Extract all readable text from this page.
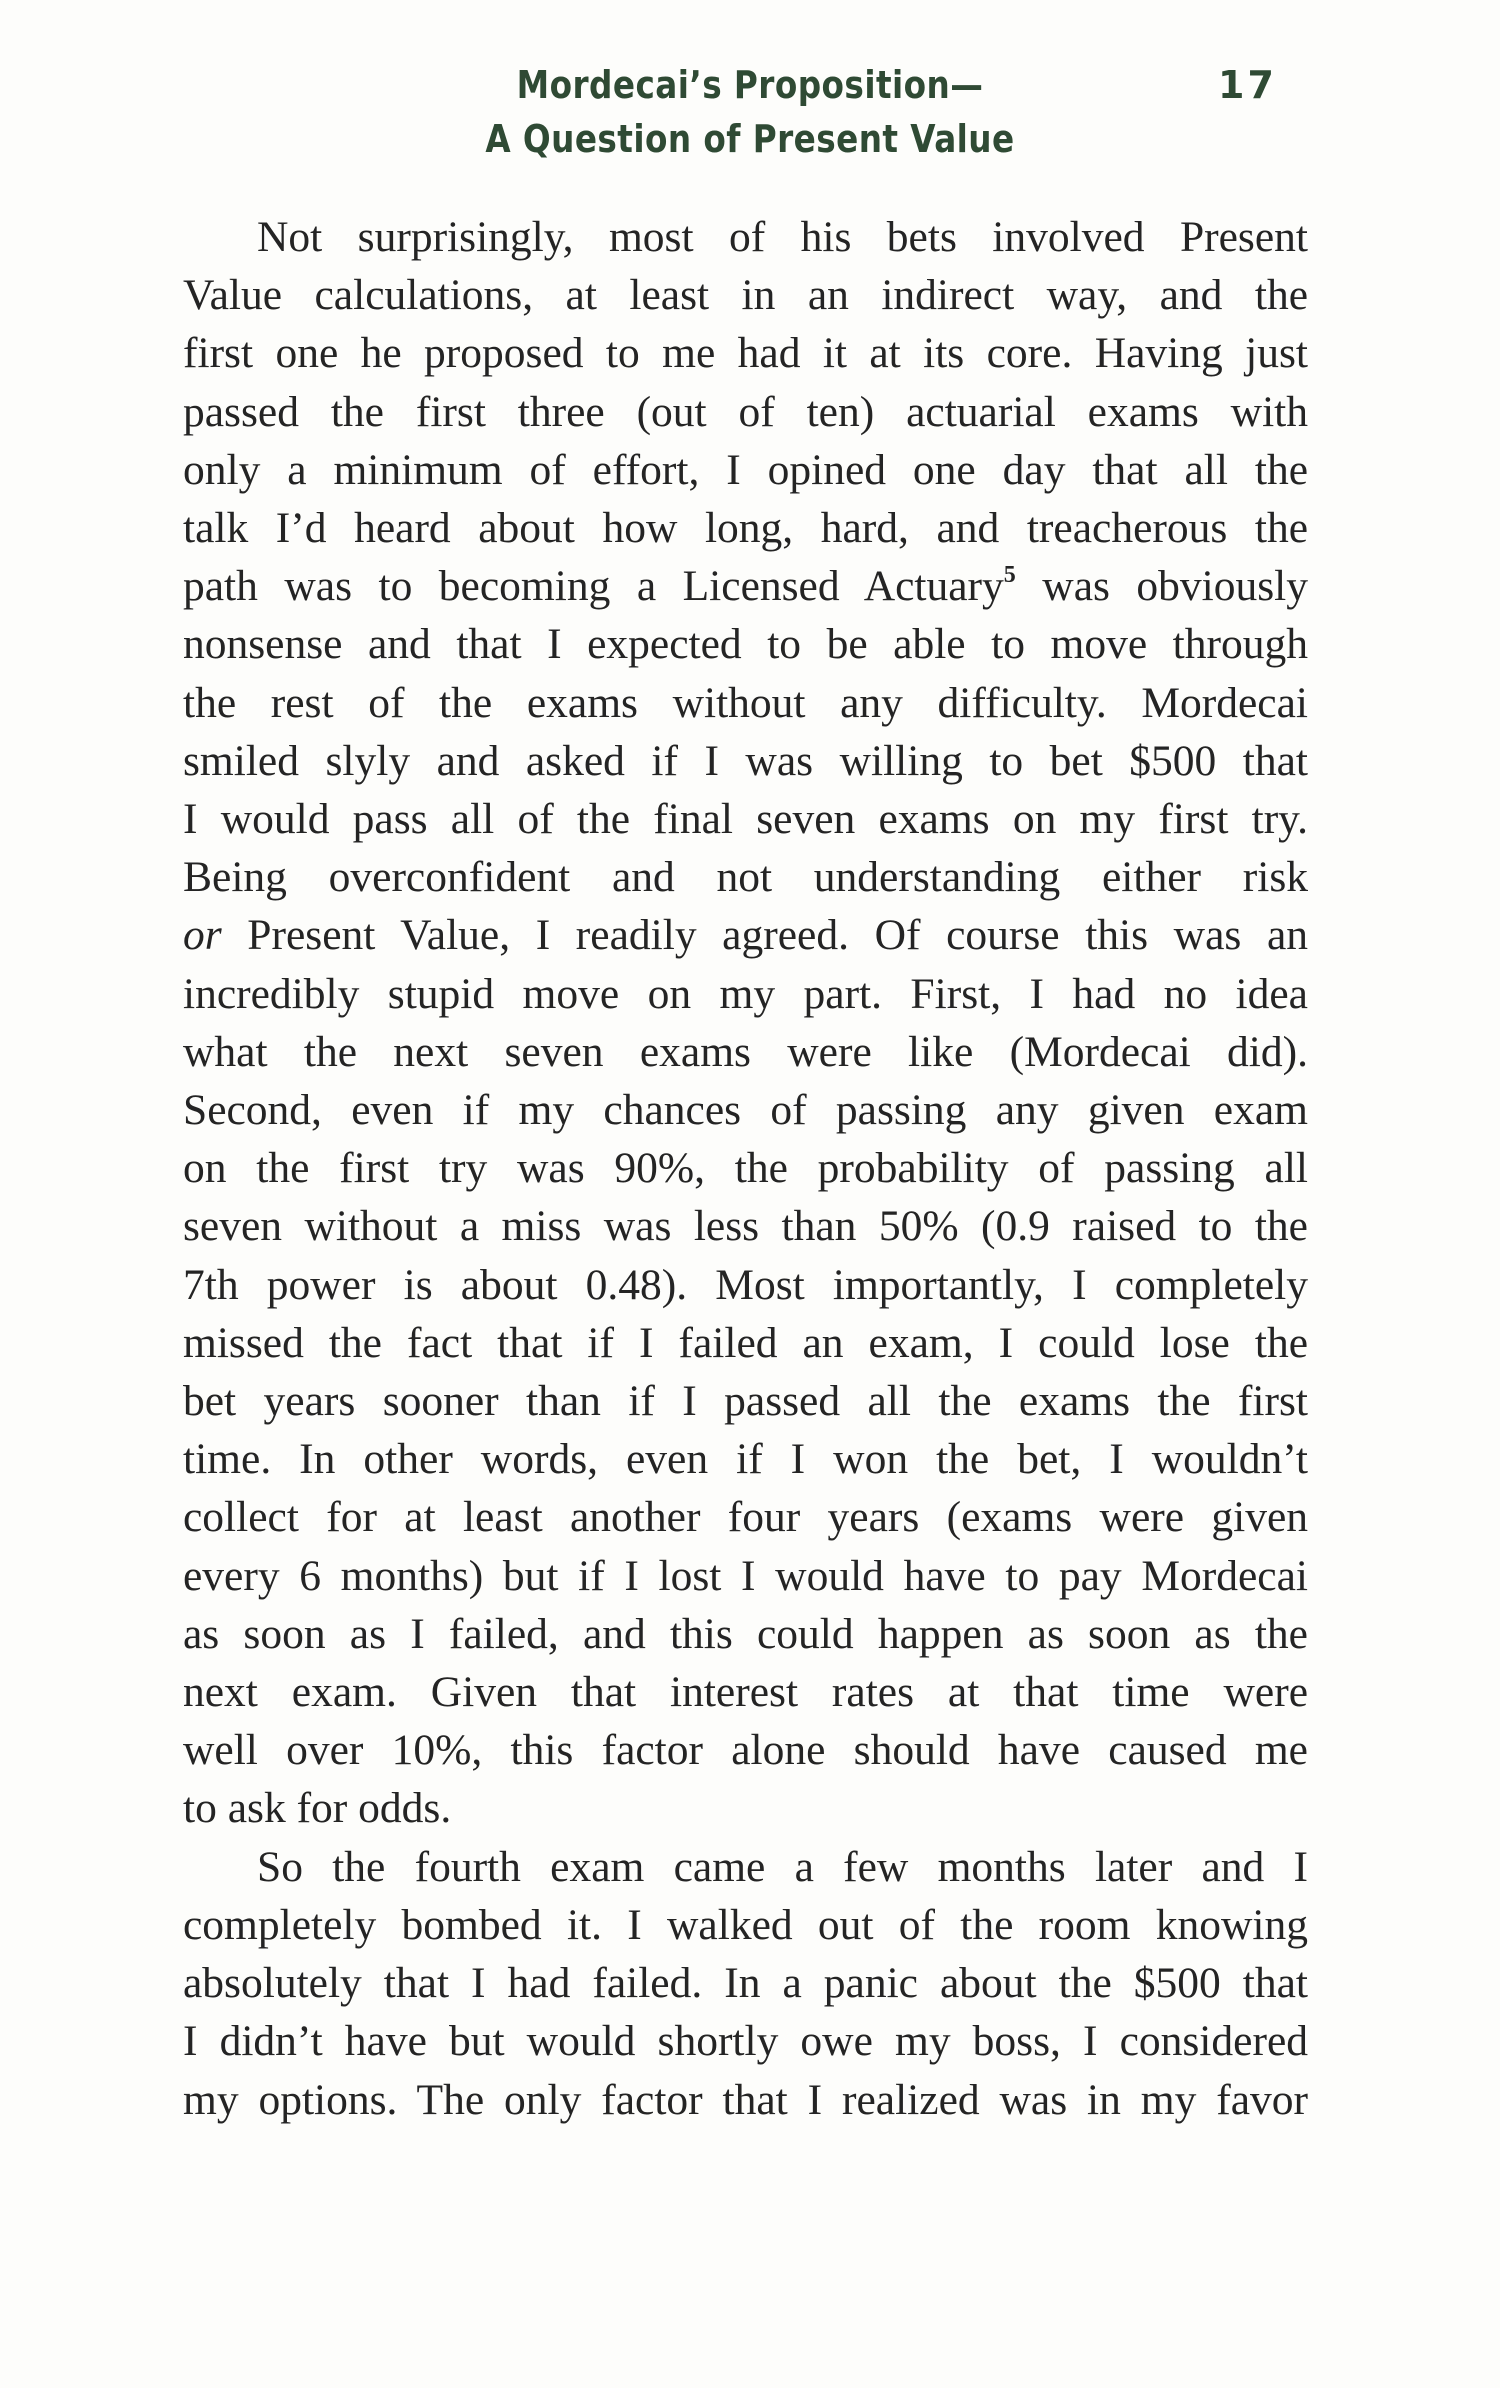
Mordecai’s Proposition—
A Question of Present Value
17

Not surprisingly, most of his bets involved Present
Value calculations, at least in an indirect way, and the
first one he proposed to me had it at its core. Having just
passed the first three (out of ten) actuarial exams with
only a minimum of effort, I opined one day that all the
talk I’d heard about how long, hard, and treacherous the
path was to becoming a Licensed Actuary$^5$ was obviously
nonsense and that I expected to be able to move through
the rest of the exams without any difficulty. Mordecai
smiled slyly and asked if I was willing to bet $500 that
I would pass all of the final seven exams on my first try.
Being overconfident and not understanding either risk
or Present Value, I readily agreed. Of course this was an
incredibly stupid move on my part. First, I had no idea
what the next seven exams were like (Mordecai did).
Second, even if my chances of passing any given exam
on the first try was 90%, the probability of passing all
seven without a miss was less than 50% (0.9 raised to the
7th power is about 0.48). Most importantly, I completely
missed the fact that if I failed an exam, I could lose the
bet years sooner than if I passed all the exams the first
time. In other words, even if I won the bet, I wouldn’t
collect for at least another four years (exams were given
every 6 months) but if I lost I would have to pay Mordecai
as soon as I failed, and this could happen as soon as the
next exam. Given that interest rates at that time were
well over 10%, this factor alone should have caused me
to ask for odds.

So the fourth exam came a few months later and I
completely bombed it. I walked out of the room knowing
absolutely that I had failed. In a panic about the $500 that
I didn’t have but would shortly owe my boss, I considered
my options. The only factor that I realized was in my favor
